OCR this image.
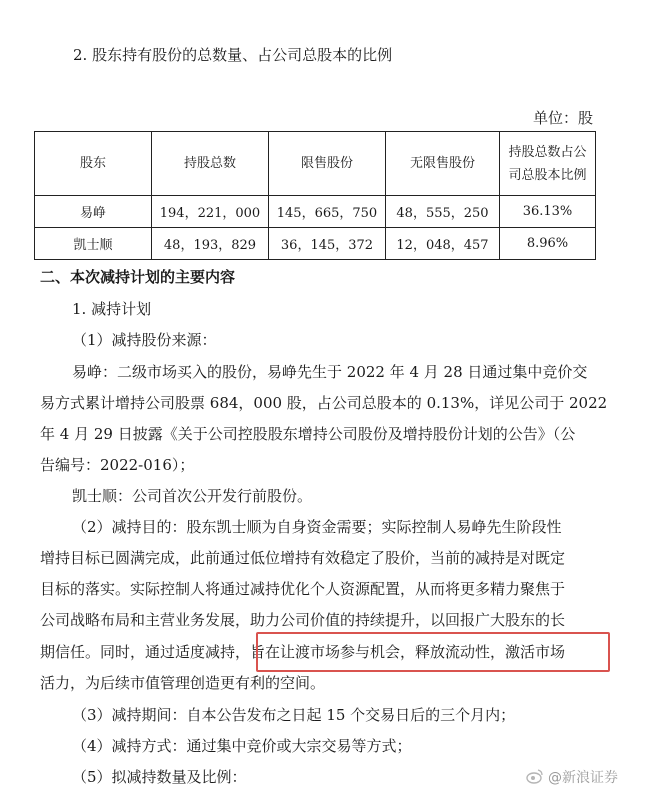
2. 股东持有股份的总数量、占公司总股本的比例
单位：股
股东	持股总数	限售股份	无限售股份	持股总数占公
司总股本比例

易峥	194，221，000	145，665，750	48，555，250	36.13%
凯士顺	48，193，829	36，145，372	12，048，457	8.96%
二、本次减持计划的主要内容
1. 减持计划
（1）减持股份来源：
易峥：二级市场买入的股份，易峥先生于 2022 年 4 月 28 日通过集中竞价交
易方式累计增持公司股票 684，000 股，占公司总股本的 0.13%，详见公司于 2022
年 4 月 29 日披露《关于公司控股股东增持公司股份及增持股份计划的公告》（公
告编号：2022-016）；
凯士顺：公司首次公开发行前股份。
（2）减持目的：股东凯士顺为自身资金需要；实际控制人易峥先生阶段性
增持目标已圆满完成，此前通过低位增持有效稳定了股价，当前的减持是对既定
目标的落实。实际控制人将通过减持优化个人资源配置，从而将更多精力聚焦于
公司战略布局和主营业务发展，助力公司价值的持续提升，以回报广大股东的长
期信任。同时，通过适度减持，旨在让渡市场参与机会，释放流动性，激活市场
活力，为后续市值管理创造更有利的空间。
（3）减持期间：自本公告发布之日起 15 个交易日后的三个月内；
（4）减持方式：通过集中竞价或大宗交易等方式；
（5）拟减持数量及比例：	@新浪证券
